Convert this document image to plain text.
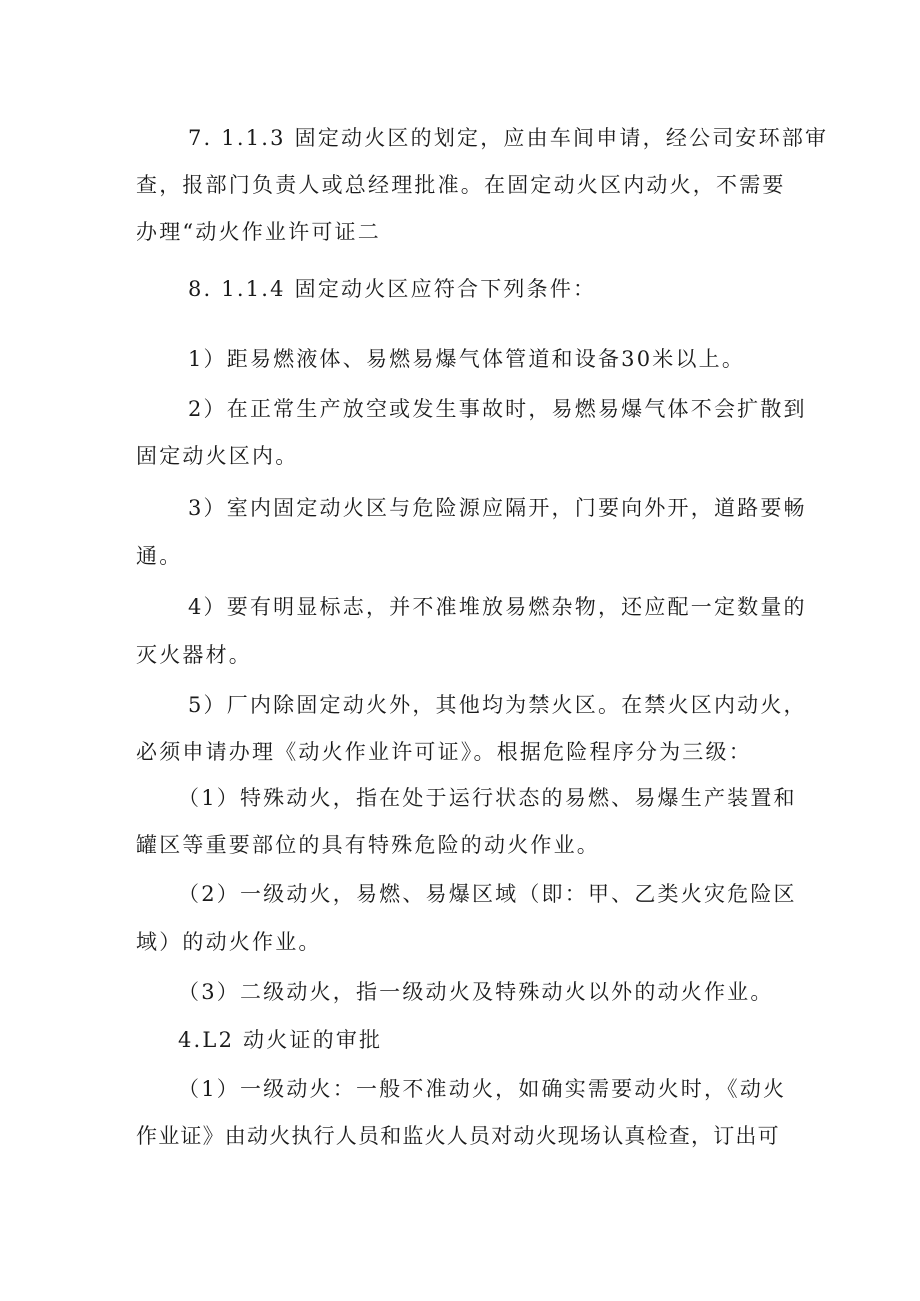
7. 1.1.3 固定动火区的划定，应由车间申请，经公司安环部审
查，报部门负责人或总经理批准。在固定动火区内动火，不需要
办理“动火作业许可证二
8. 1.1.4 固定动火区应符合下列条件：
1）距易燃液体、易燃易爆气体管道和设备30米以上。
2）在正常生产放空或发生事故时，易燃易爆气体不会扩散到
固定动火区内。
3）室内固定动火区与危险源应隔开，门要向外开，道路要畅
通。
4）要有明显标志，并不准堆放易燃杂物，还应配一定数量的
灭火器材。
5）厂内除固定动火外，其他均为禁火区。在禁火区内动火，
必须申请办理《动火作业许可证》。根据危险程序分为三级：
（1）特殊动火，指在处于运行状态的易燃、易爆生产装置和
罐区等重要部位的具有特殊危险的动火作业。
（2）一级动火，易燃、易爆区域（即：甲、乙类火灾危险区
域）的动火作业。
（3）二级动火，指一级动火及特殊动火以外的动火作业。
4.L2 动火证的审批
（1）一级动火：一般不准动火，如确实需要动火时，《动火
作业证》由动火执行人员和监火人员对动火现场认真检查，订出可
